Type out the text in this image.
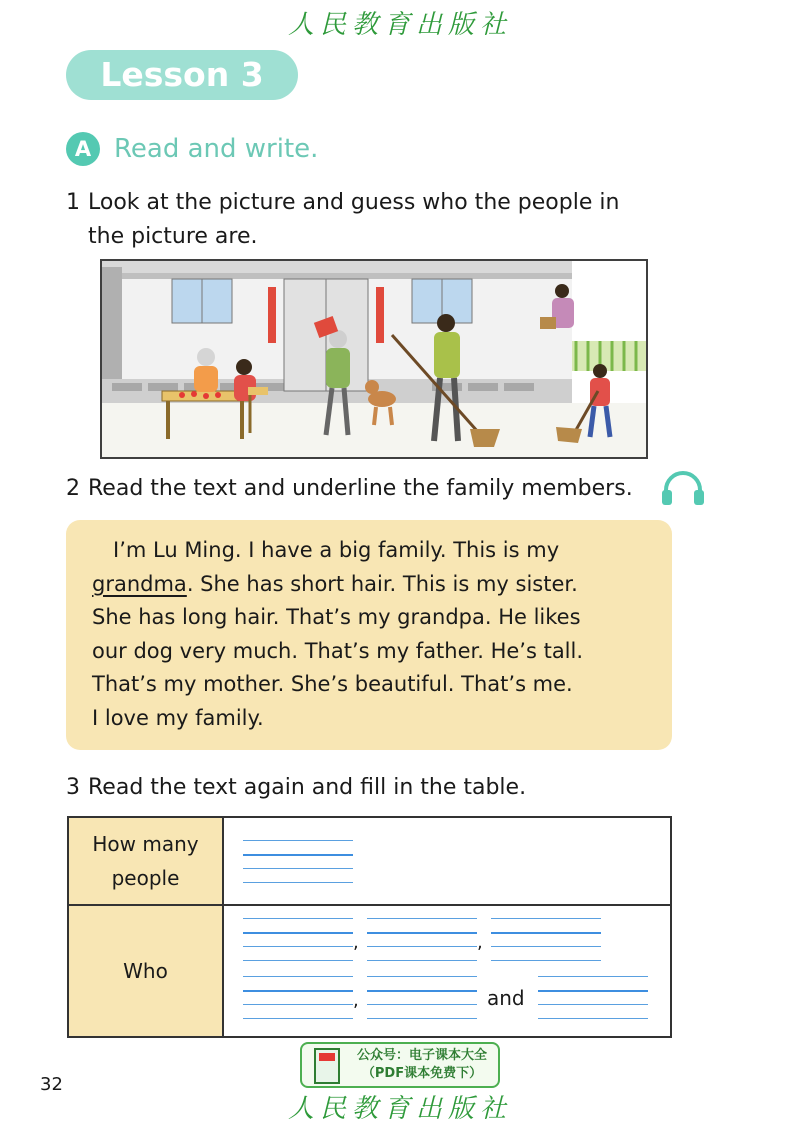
人民教育出版社
Lesson 3
A Read and write.
1 Look at the picture and guess who the people in
the picture are.
2 Read the text and underline the family members.

 I’m Lu Ming. I have a big family. This is my

grandma. She has short hair. This is my sister.

She has long hair. That’s my grandpa. He likes

our dog very much. That’s my father. He’s tall.

That’s my mother. She’s beautiful. That’s me.

I love my family.

3 Read the text again and fill in the table.
How many
people
Who
,	,
,	and
公众号：电子课本大全
（PDF课本免费下）
32
人民教育出版社
